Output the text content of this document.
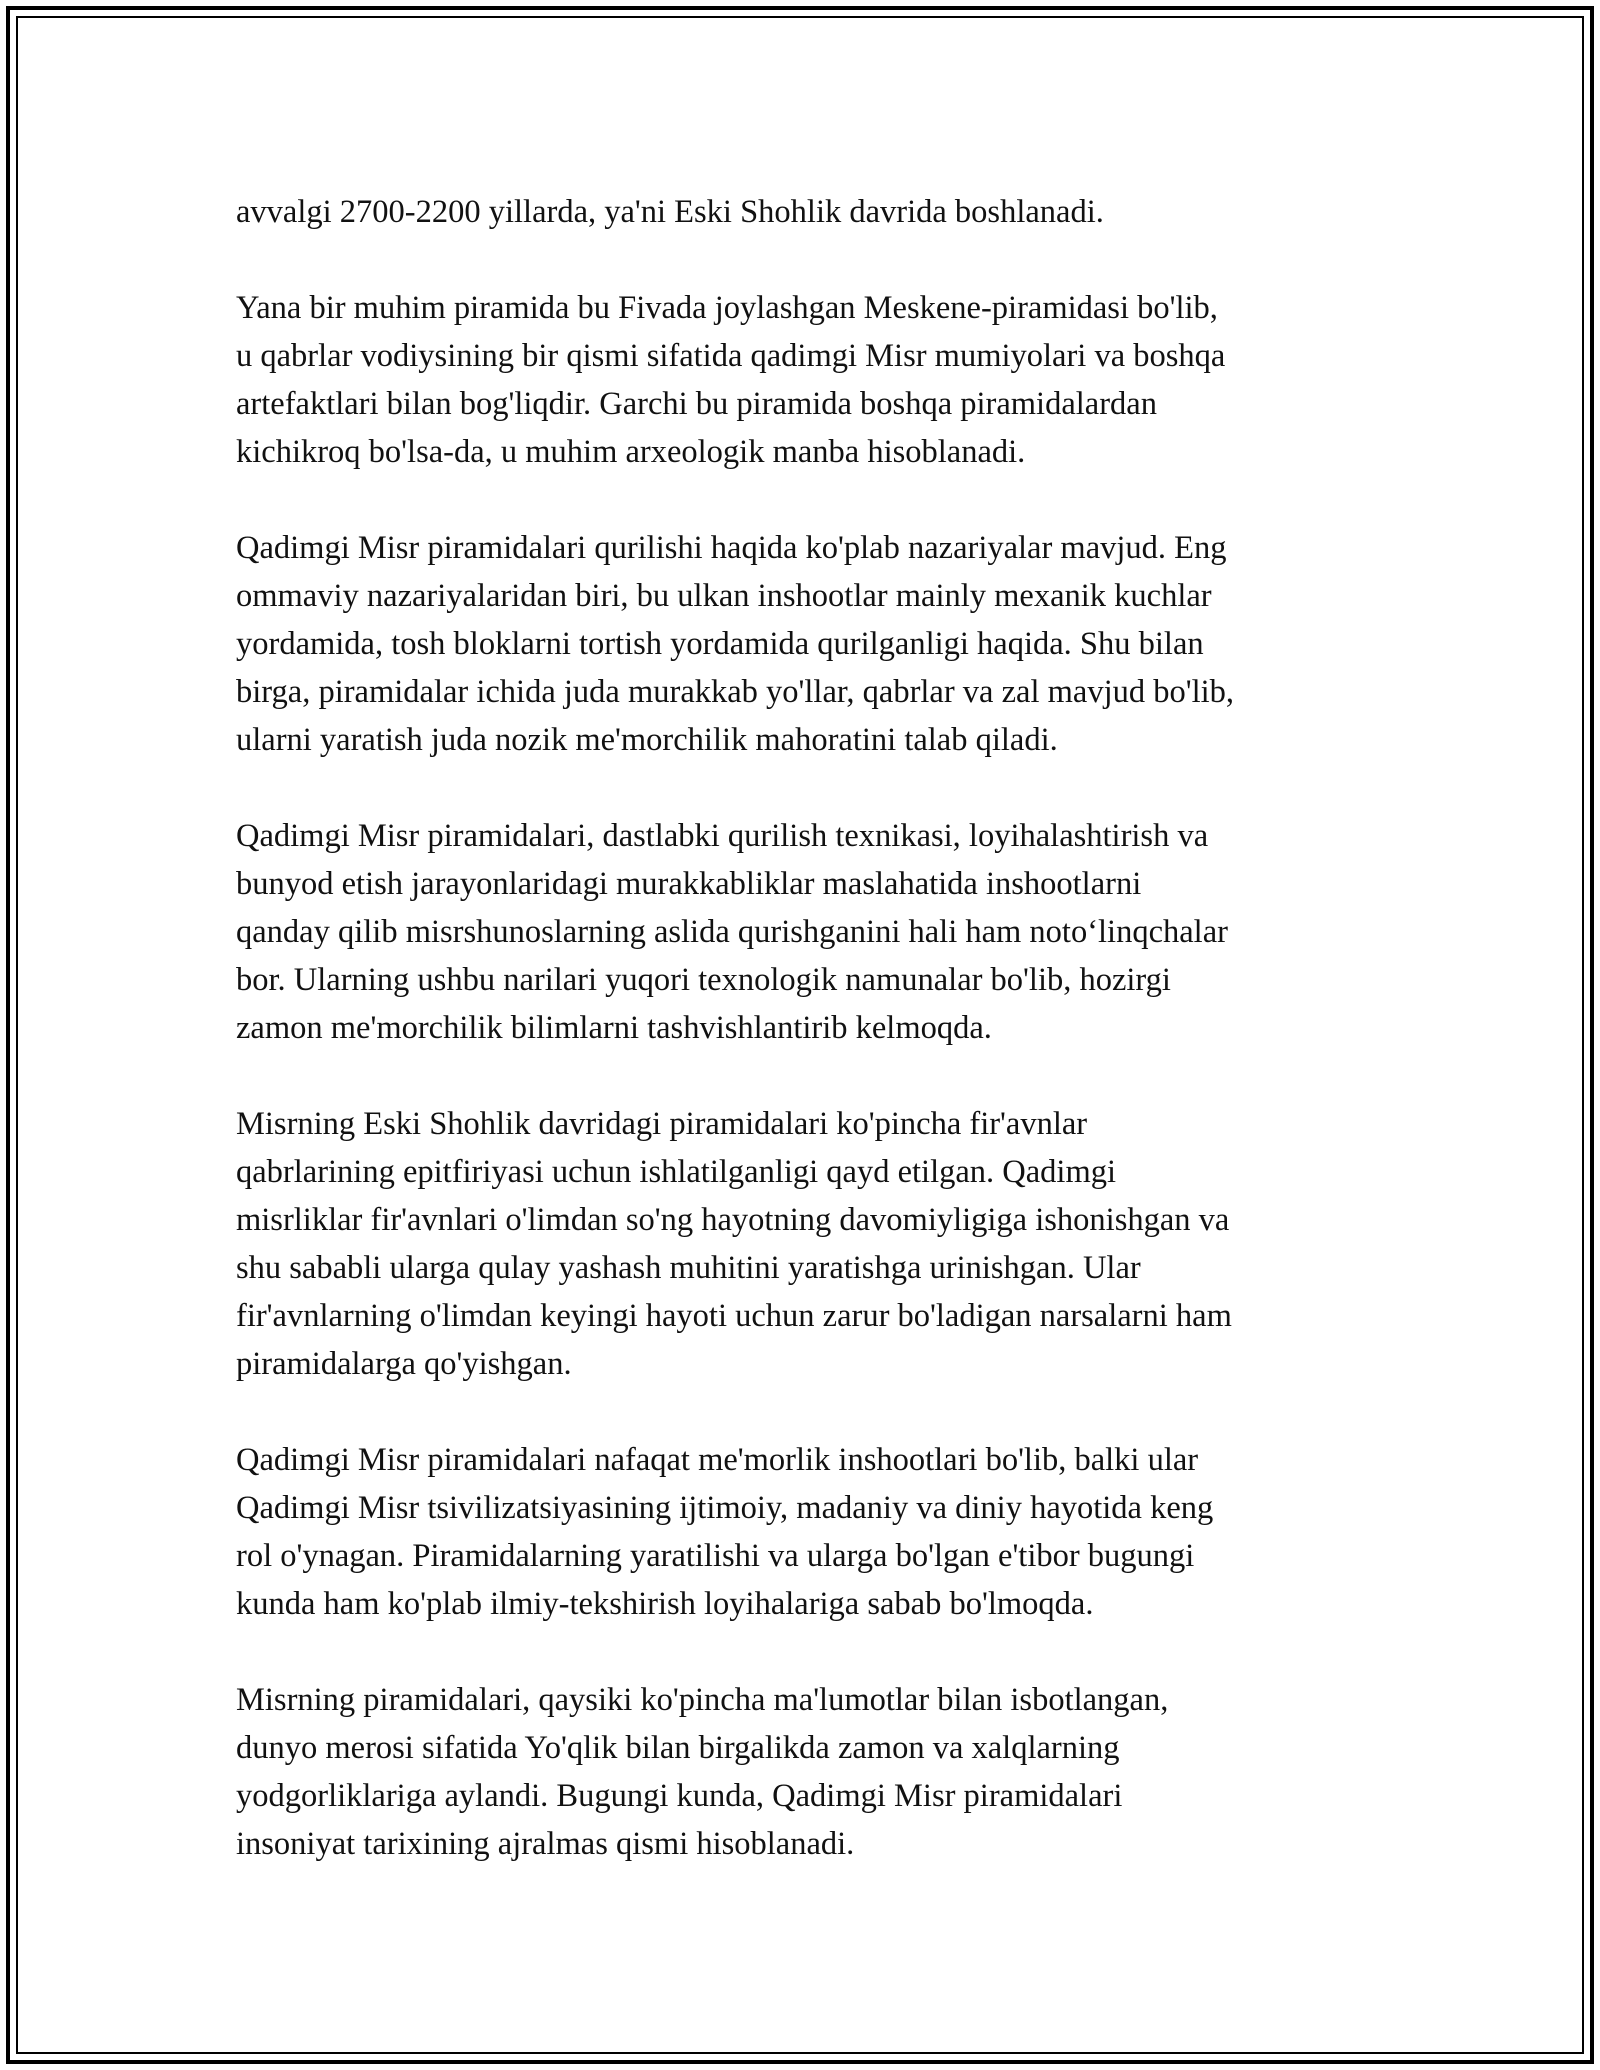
avvalgi 2700-2200 yillarda, ya'ni Eski Shohlik davrida boshlanadi.

Yana bir muhim piramida bu Fivada joylashgan Meskene-piramidasi bo'lib,
u qabrlar vodiysining bir qismi sifatida qadimgi Misr mumiyolari va boshqa
artefaktlari bilan bog'liqdir. Garchi bu piramida boshqa piramidalardan
kichikroq bo'lsa-da, u muhim arxeologik manba hisoblanadi.

Qadimgi Misr piramidalari qurilishi haqida ko'plab nazariyalar mavjud. Eng
ommaviy nazariyalaridan biri, bu ulkan inshootlar mainly mexanik kuchlar
yordamida, tosh bloklarni tortish yordamida qurilganligi haqida. Shu bilan
birga, piramidalar ichida juda murakkab yo'llar, qabrlar va zal mavjud bo'lib,
ularni yaratish juda nozik me'morchilik mahoratini talab qiladi.

Qadimgi Misr piramidalari, dastlabki qurilish texnikasi, loyihalashtirish va
bunyod etish jarayonlaridagi murakkabliklar maslahatida inshootlarni
qanday qilib misrshunoslarning aslida qurishganini hali ham noto‘linqchalar
bor. Ularning ushbu narilari yuqori texnologik namunalar bo'lib, hozirgi
zamon me'morchilik bilimlarni tashvishlantirib kelmoqda.

Misrning Eski Shohlik davridagi piramidalari ko'pincha fir'avnlar
qabrlarining epitfiriyasi uchun ishlatilganligi qayd etilgan. Qadimgi
misrliklar fir'avnlari o'limdan so'ng hayotning davomiyligiga ishonishgan va
shu sababli ularga qulay yashash muhitini yaratishga urinishgan. Ular
fir'avnlarning o'limdan keyingi hayoti uchun zarur bo'ladigan narsalarni ham
piramidalarga qo'yishgan.

Qadimgi Misr piramidalari nafaqat me'morlik inshootlari bo'lib, balki ular
Qadimgi Misr tsivilizatsiyasining ijtimoiy, madaniy va diniy hayotida keng
rol o'ynagan. Piramidalarning yaratilishi va ularga bo'lgan e'tibor bugungi
kunda ham ko'plab ilmiy-tekshirish loyihalariga sabab bo'lmoqda.

Misrning piramidalari, qaysiki ko'pincha ma'lumotlar bilan isbotlangan,
dunyo merosi sifatida Yo'qlik bilan birgalikda zamon va xalqlarning
yodgorliklariga aylandi. Bugungi kunda, Qadimgi Misr piramidalari
insoniyat tarixining ajralmas qismi hisoblanadi.
